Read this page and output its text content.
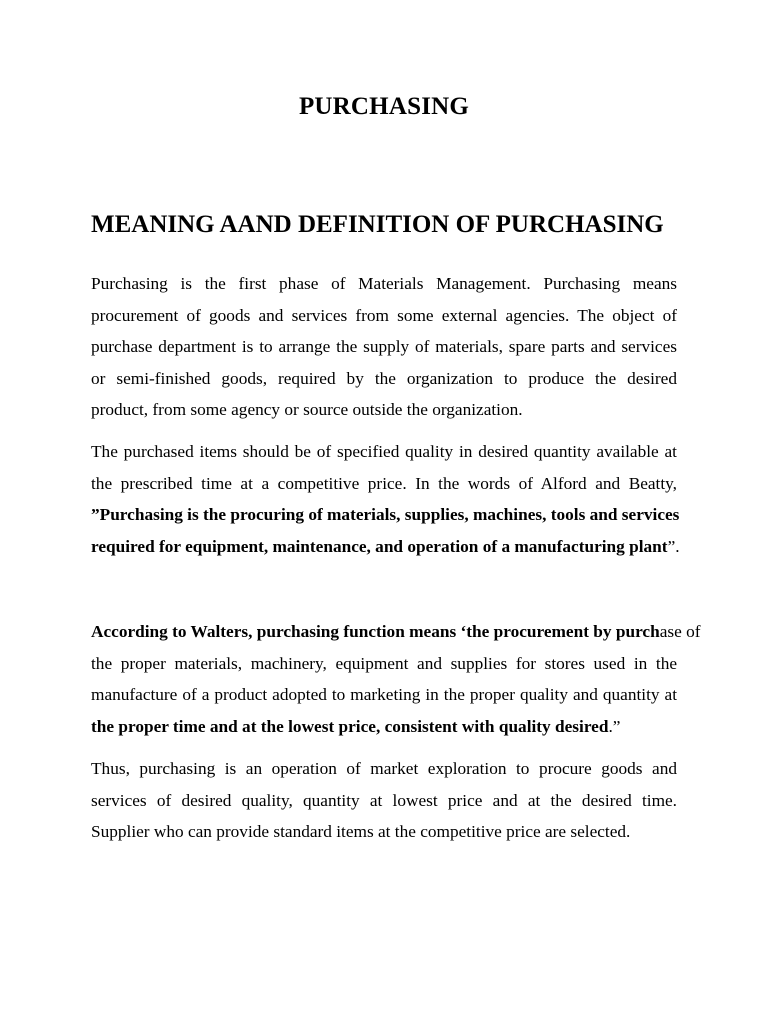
PURCHASING
MEANING AAND DEFINITION OF PURCHASING
Purchasing is the first phase of Materials Management. Purchasing means
procurement of goods and services from some external agencies. The object of
purchase department is to arrange the supply of materials, spare parts and services
or semi-finished goods, required by the organization to produce the desired
product, from some agency or source outside the organization.
The purchased items should be of specified quality in desired quantity available at
the prescribed time at a competitive price. In the words of Alford and Beatty,
”Purchasing is the procuring of materials, supplies, machines, tools and services
required for equipment, maintenance, and operation of a manufacturing plant”.
According to Walters, purchasing function means ‘the procurement by purchase of
the proper materials, machinery, equipment and supplies for stores used in the
manufacture of a product adopted to marketing in the proper quality and quantity at
the proper time and at the lowest price, consistent with quality desired.”
Thus, purchasing is an operation of market exploration to procure goods and
services of desired quality, quantity at lowest price and at the desired time.
Supplier who can provide standard items at the competitive price are selected.
